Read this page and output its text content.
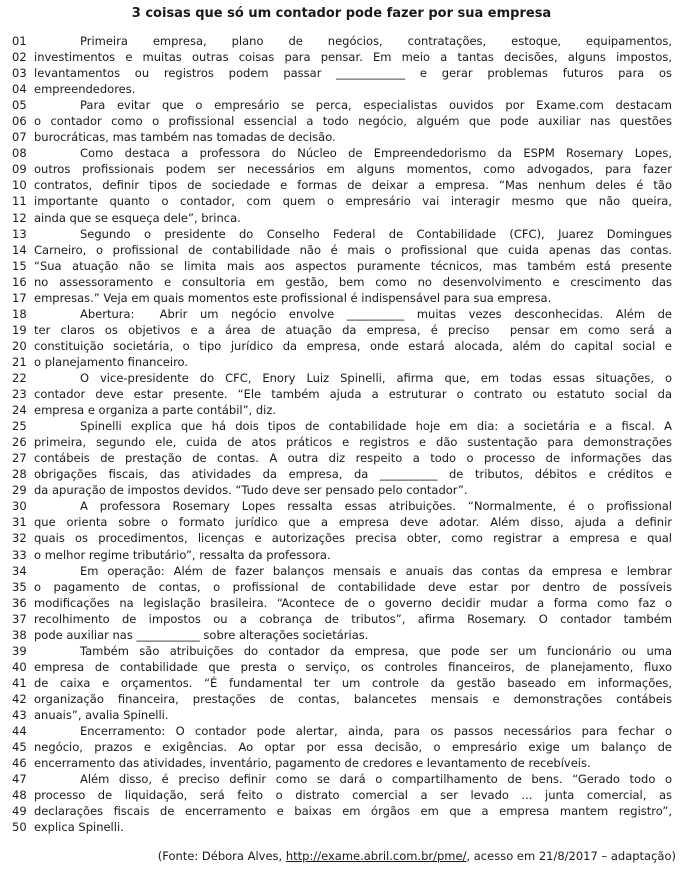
3 coisas que só um contador pode fazer por sua empresa
01	Primeira empresa, plano de negócios, contratações, estoque, equipamentos,
02 investimentos e muitas outras coisas para pensar. Em meio a tantas decisões, alguns impostos,
03 levantamentos ou registros podem passar ____________ e gerar problemas futuros para os
04 empreendedores.
05	Para evitar que o empresário se perca, especialistas ouvidos por Exame.com destacam
06 o contador como o profissional essencial a todo negócio, alguém que pode auxiliar nas questões
07 burocráticas, mas também nas tomadas de decisão.
08	Como destaca a professora do Núcleo de Empreendedorismo da ESPM Rosemary Lopes,
09 outros profissionais podem ser necessários em alguns momentos, como advogados, para fazer
10 contratos, definir tipos de sociedade e formas de deixar a empresa. “Mas nenhum deles é tão
11 importante quanto o contador, com quem o empresário vai interagir mesmo que não queira,
12 ainda que se esqueça dele”, brinca.
13	Segundo o presidente do Conselho Federal de Contabilidade (CFC), Juarez Domingues
14 Carneiro, o profissional de contabilidade não é mais o profissional que cuida apenas das contas.
15 “Sua atuação não se limita mais aos aspectos puramente técnicos, mas também está presente
16 no assessoramento e consultoria em gestão, bem como no desenvolvimento e crescimento das
17 empresas.” Veja em quais momentos este profissional é indispensável para sua empresa.
18	Abertura:  Abrir um negócio envolve __________ muitas vezes desconhecidas. Além de
19 ter claros os objetivos e a área de atuação da empresa, é preciso  pensar em como será a
20 constituição societária, o tipo jurídico da empresa, onde estará alocada, além do capital social e
21 o planejamento financeiro.
22	O vice-presidente do CFC, Enory Luiz Spinelli, afirma que, em todas essas situações, o
23 contador deve estar presente. “Ele também ajuda a estruturar o contrato ou estatuto social da
24 empresa e organiza a parte contábil”, diz.
25	Spinelli explica que há dois tipos de contabilidade hoje em dia: a societária e a fiscal. A
26 primeira, segundo ele, cuida de atos práticos e registros e dão sustentação para demonstrações
27 contábeis de prestação de contas. A outra diz respeito a todo o processo de informações das
28 obrigações fiscais, das atividades da empresa, da __________ de tributos, débitos e créditos e
29 da apuração de impostos devidos. “Tudo deve ser pensado pelo contador”.
30	A professora Rosemary Lopes ressalta essas atribuições. “Normalmente, é o profissional
31 que orienta sobre o formato jurídico que a empresa deve adotar. Além disso, ajuda a definir
32 quais os procedimentos, licenças e autorizações precisa obter, como registrar a empresa e qual
33 o melhor regime tributário”, ressalta da professora.
34	Em operação: Além de fazer balanços mensais e anuais das contas da empresa e lembrar
35 o pagamento de contas, o profissional de contabilidade deve estar por dentro de possíveis
36 modificações na legislação brasileira. “Acontece de o governo decidir mudar a forma como faz o
37 recolhimento de impostos ou a cobrança de tributos”, afirma Rosemary. O contador também
38 pode auxiliar nas ___________ sobre alterações societárias.
39	Também são atribuições do contador da empresa, que pode ser um funcionário ou uma
40 empresa de contabilidade que presta o serviço, os controles financeiros, de planejamento, fluxo
41 de caixa e orçamentos. “É fundamental ter um controle da gestão baseado em informações,
42 organização financeira, prestações de contas, balancetes mensais e demonstrações contábeis
43 anuais”, avalia Spinelli.
44	Encerramento: O contador pode alertar, ainda, para os passos necessários para fechar o
45 negócio, prazos e exigências. Ao optar por essa decisão, o empresário exige um balanço de
46 encerramento das atividades, inventário, pagamento de credores e levantamento de recebíveis.
47	Além disso, é preciso definir como se dará o compartilhamento de bens. “Gerado todo o
48 processo de liquidação, será feito o distrato comercial a ser levado ... junta comercial, as
49 declarações fiscais de encerramento e baixas em órgãos em que a empresa mantem registro”,
50 explica Spinelli.
(Fonte: Débora Alves, http://exame.abril.com.br/pme/, acesso em 21/8/2017 – adaptação)
